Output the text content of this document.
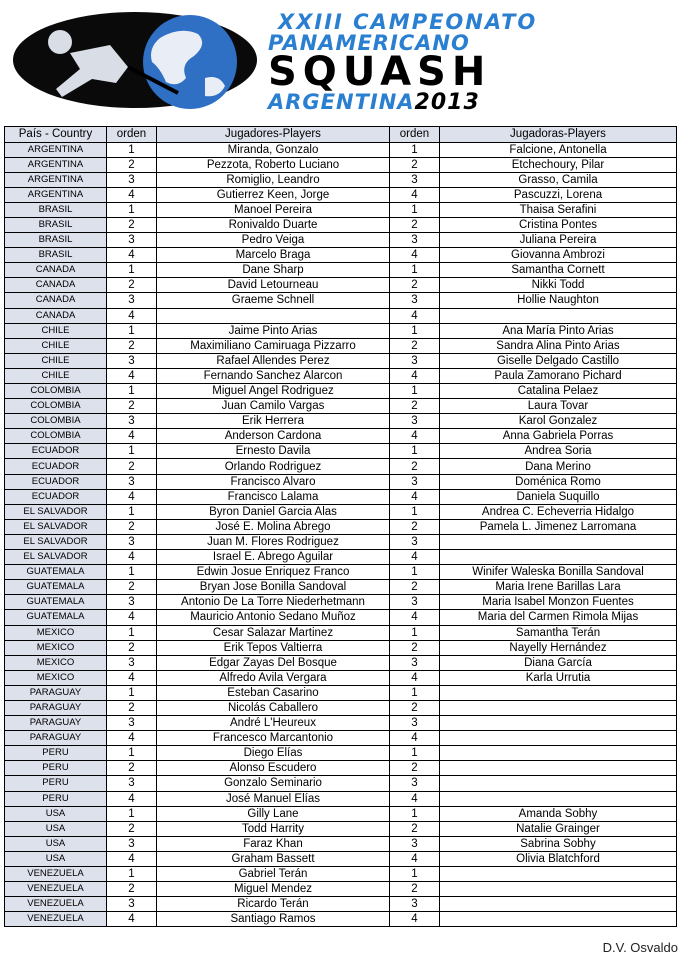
XXIII CAMPEONATO
PANAMERICANO
SQUASH
ARGENTINA2013
País - Country	orden	Jugadores-Players	orden	Jugadoras-Players
ARGENTINA	1	Miranda, Gonzalo	1	Falcione, Antonella
ARGENTINA	2	Pezzota, Roberto Luciano	2	Etchechoury, Pilar
ARGENTINA	3	Romiglio, Leandro	3	Grasso, Camila
ARGENTINA	4	Gutierrez Keen, Jorge	4	Pascuzzi, Lorena
BRASIL	1	Manoel Pereira	1	Thaisa Serafini
BRASIL	2	Ronivaldo Duarte	2	Cristina Pontes
BRASIL	3	Pedro Veiga	3	Juliana Pereira
BRASIL	4	Marcelo Braga	4	Giovanna Ambrozi
CANADA	1	Dane Sharp	1	Samantha Cornett
CANADA	2	David Letourneau	2	Nikki Todd
CANADA	3	Graeme Schnell	3	Hollie Naughton
CANADA	4		4	
CHILE	1	Jaime Pinto Arias	1	Ana María Pinto Arias
CHILE	2	Maximiliano Camiruaga Pizzarro	2	Sandra Alina Pinto Arias
CHILE	3	Rafael Allendes Perez	3	Giselle Delgado Castillo
CHILE	4	Fernando Sanchez Alarcon	4	Paula Zamorano Pichard
COLOMBIA	1	Miguel Angel Rodriguez	1	Catalina Pelaez
COLOMBIA	2	Juan Camilo Vargas	2	Laura Tovar
COLOMBIA	3	Erik Herrera	3	Karol Gonzalez
COLOMBIA	4	Anderson Cardona	4	Anna Gabriela Porras
ECUADOR	1	Ernesto Davila	1	Andrea Soria
ECUADOR	2	Orlando Rodriguez	2	Dana Merino
ECUADOR	3	Francisco Alvaro	3	Doménica Romo
ECUADOR	4	Francisco Lalama	4	Daniela Suquillo
EL SALVADOR	1	Byron Daniel Garcia Alas	1	Andrea C. Echeverria Hidalgo
EL SALVADOR	2	José E. Molina Abrego	2	Pamela L. Jimenez Larromana
EL SALVADOR	3	Juan M. Flores Rodriguez	3	
EL SALVADOR	4	Israel E. Abrego Aguilar	4	
GUATEMALA	1	Edwin Josue Enriquez Franco	1	Winifer Waleska Bonilla Sandoval
GUATEMALA	2	Bryan Jose Bonilla Sandoval	2	Maria Irene Barillas Lara
GUATEMALA	3	Antonio De La Torre Niederhetmann	3	Maria Isabel Monzon Fuentes
GUATEMALA	4	Mauricio Antonio Sedano Muñoz	4	Maria del Carmen Rimola Mijas
MEXICO	1	Cesar Salazar Martinez	1	Samantha Terán
MEXICO	2	Erik Tepos Valtierra	2	Nayelly Hernández
MEXICO	3	Edgar Zayas Del Bosque	3	Diana García
MEXICO	4	Alfredo Avila Vergara	4	Karla Urrutia
PARAGUAY	1	Esteban Casarino	1	
PARAGUAY	2	Nicolás Caballero	2	
PARAGUAY	3	André L'Heureux	3	
PARAGUAY	4	Francesco Marcantonio	4	
PERU	1	Diego Elías	1	
PERU	2	Alonso Escudero	2	
PERU	3	Gonzalo Seminario	3	
PERU	4	José Manuel Elías	4	
USA	1	Gilly Lane	1	Amanda Sobhy
USA	2	Todd Harrity	2	Natalie Grainger
USA	3	Faraz Khan	3	Sabrina Sobhy
USA	4	Graham Bassett	4	Olivia Blatchford
VENEZUELA	1	Gabriel Terán	1	
VENEZUELA	2	Miguel Mendez	2	
VENEZUELA	3	Ricardo Terán	3	
VENEZUELA	4	Santiago Ramos	4	
D.V. Osvaldo
